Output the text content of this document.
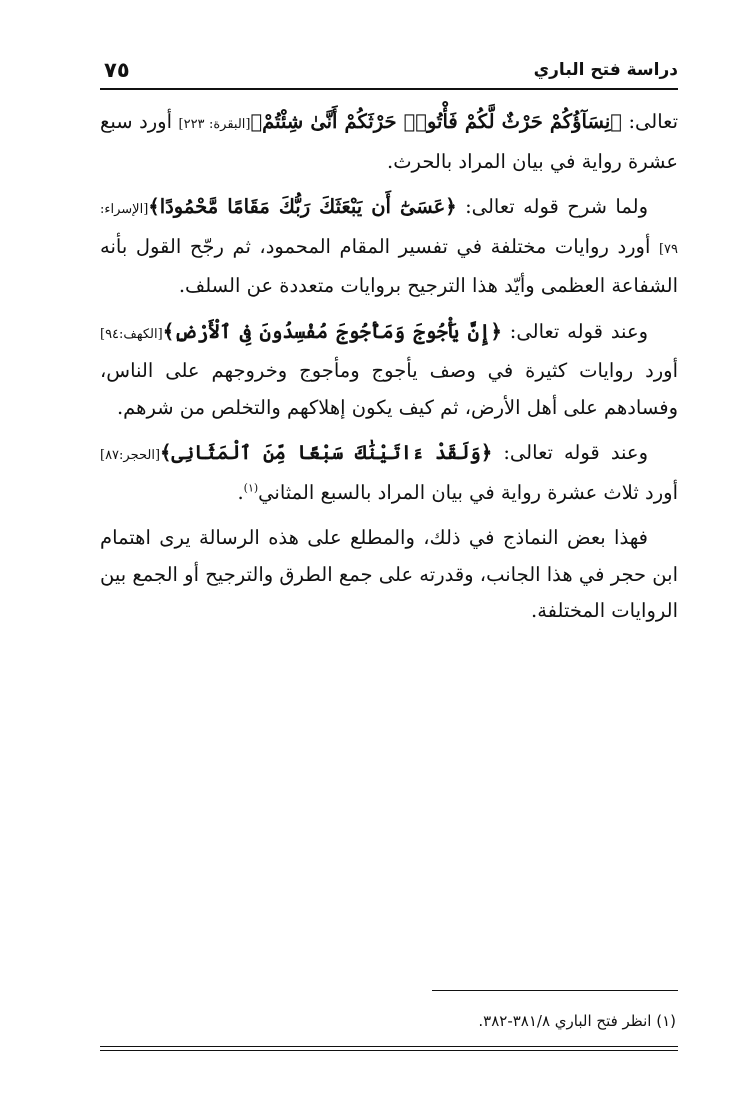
٧٥	دراسة فتح الباري

تعالى: ﴿نِسَآؤُكُمْ حَرْثٌ لَّكُمْ فَأْتُوا۟ حَرْثَكُمْ أَنَّىٰ شِئْتُمْ﴾[البقرة: ٢٢٣] أورد سبع عشرة رواية في بيان المراد بالحرث.

ولما شرح قوله تعالى: ﴿عَسَىٰٓ أَن يَبْعَثَكَ رَبُّكَ مَقَامًا مَّحْمُودًا﴾[الإسراء: ٧٩] أورد روايات مختلفة في تفسير المقام المحمود، ثم رجّح القول بأنه الشفاعة العظمى وأيّد هذا الترجيح بروايات متعددة عن السلف.

وعند قوله تعالى: ﴿إِنَّ يَأْجُوجَ وَمَأْجُوجَ مُفْسِدُونَ فِى ٱلْأَرْضِ﴾[الكهف:٩٤] أورد روايات كثيرة في وصف يأجوج ومأجوج وخروجهم على الناس، وفسادهم على أهل الأرض، ثم كيف يكون إهلاكهم والتخلص من شرهم.

وعند قوله تعالى: ﴿وَلَقَدْ ءَاتَيْنَٰكَ سَبْعًا مِّنَ ٱلْمَثَانِى﴾[الحجر:٨٧] أورد ثلاث عشرة رواية في بيان المراد بالسبع المثاني$^{(١)}$.

فهذا بعض النماذج في ذلك، والمطلع على هذه الرسالة يرى اهتمام ابن حجر في هذا الجانب، وقدرته على جمع الطرق والترجيح أو الجمع بين الروايات المختلفة.

(١) انظر فتح الباري ٣٨١/٨-٣٨٢.
